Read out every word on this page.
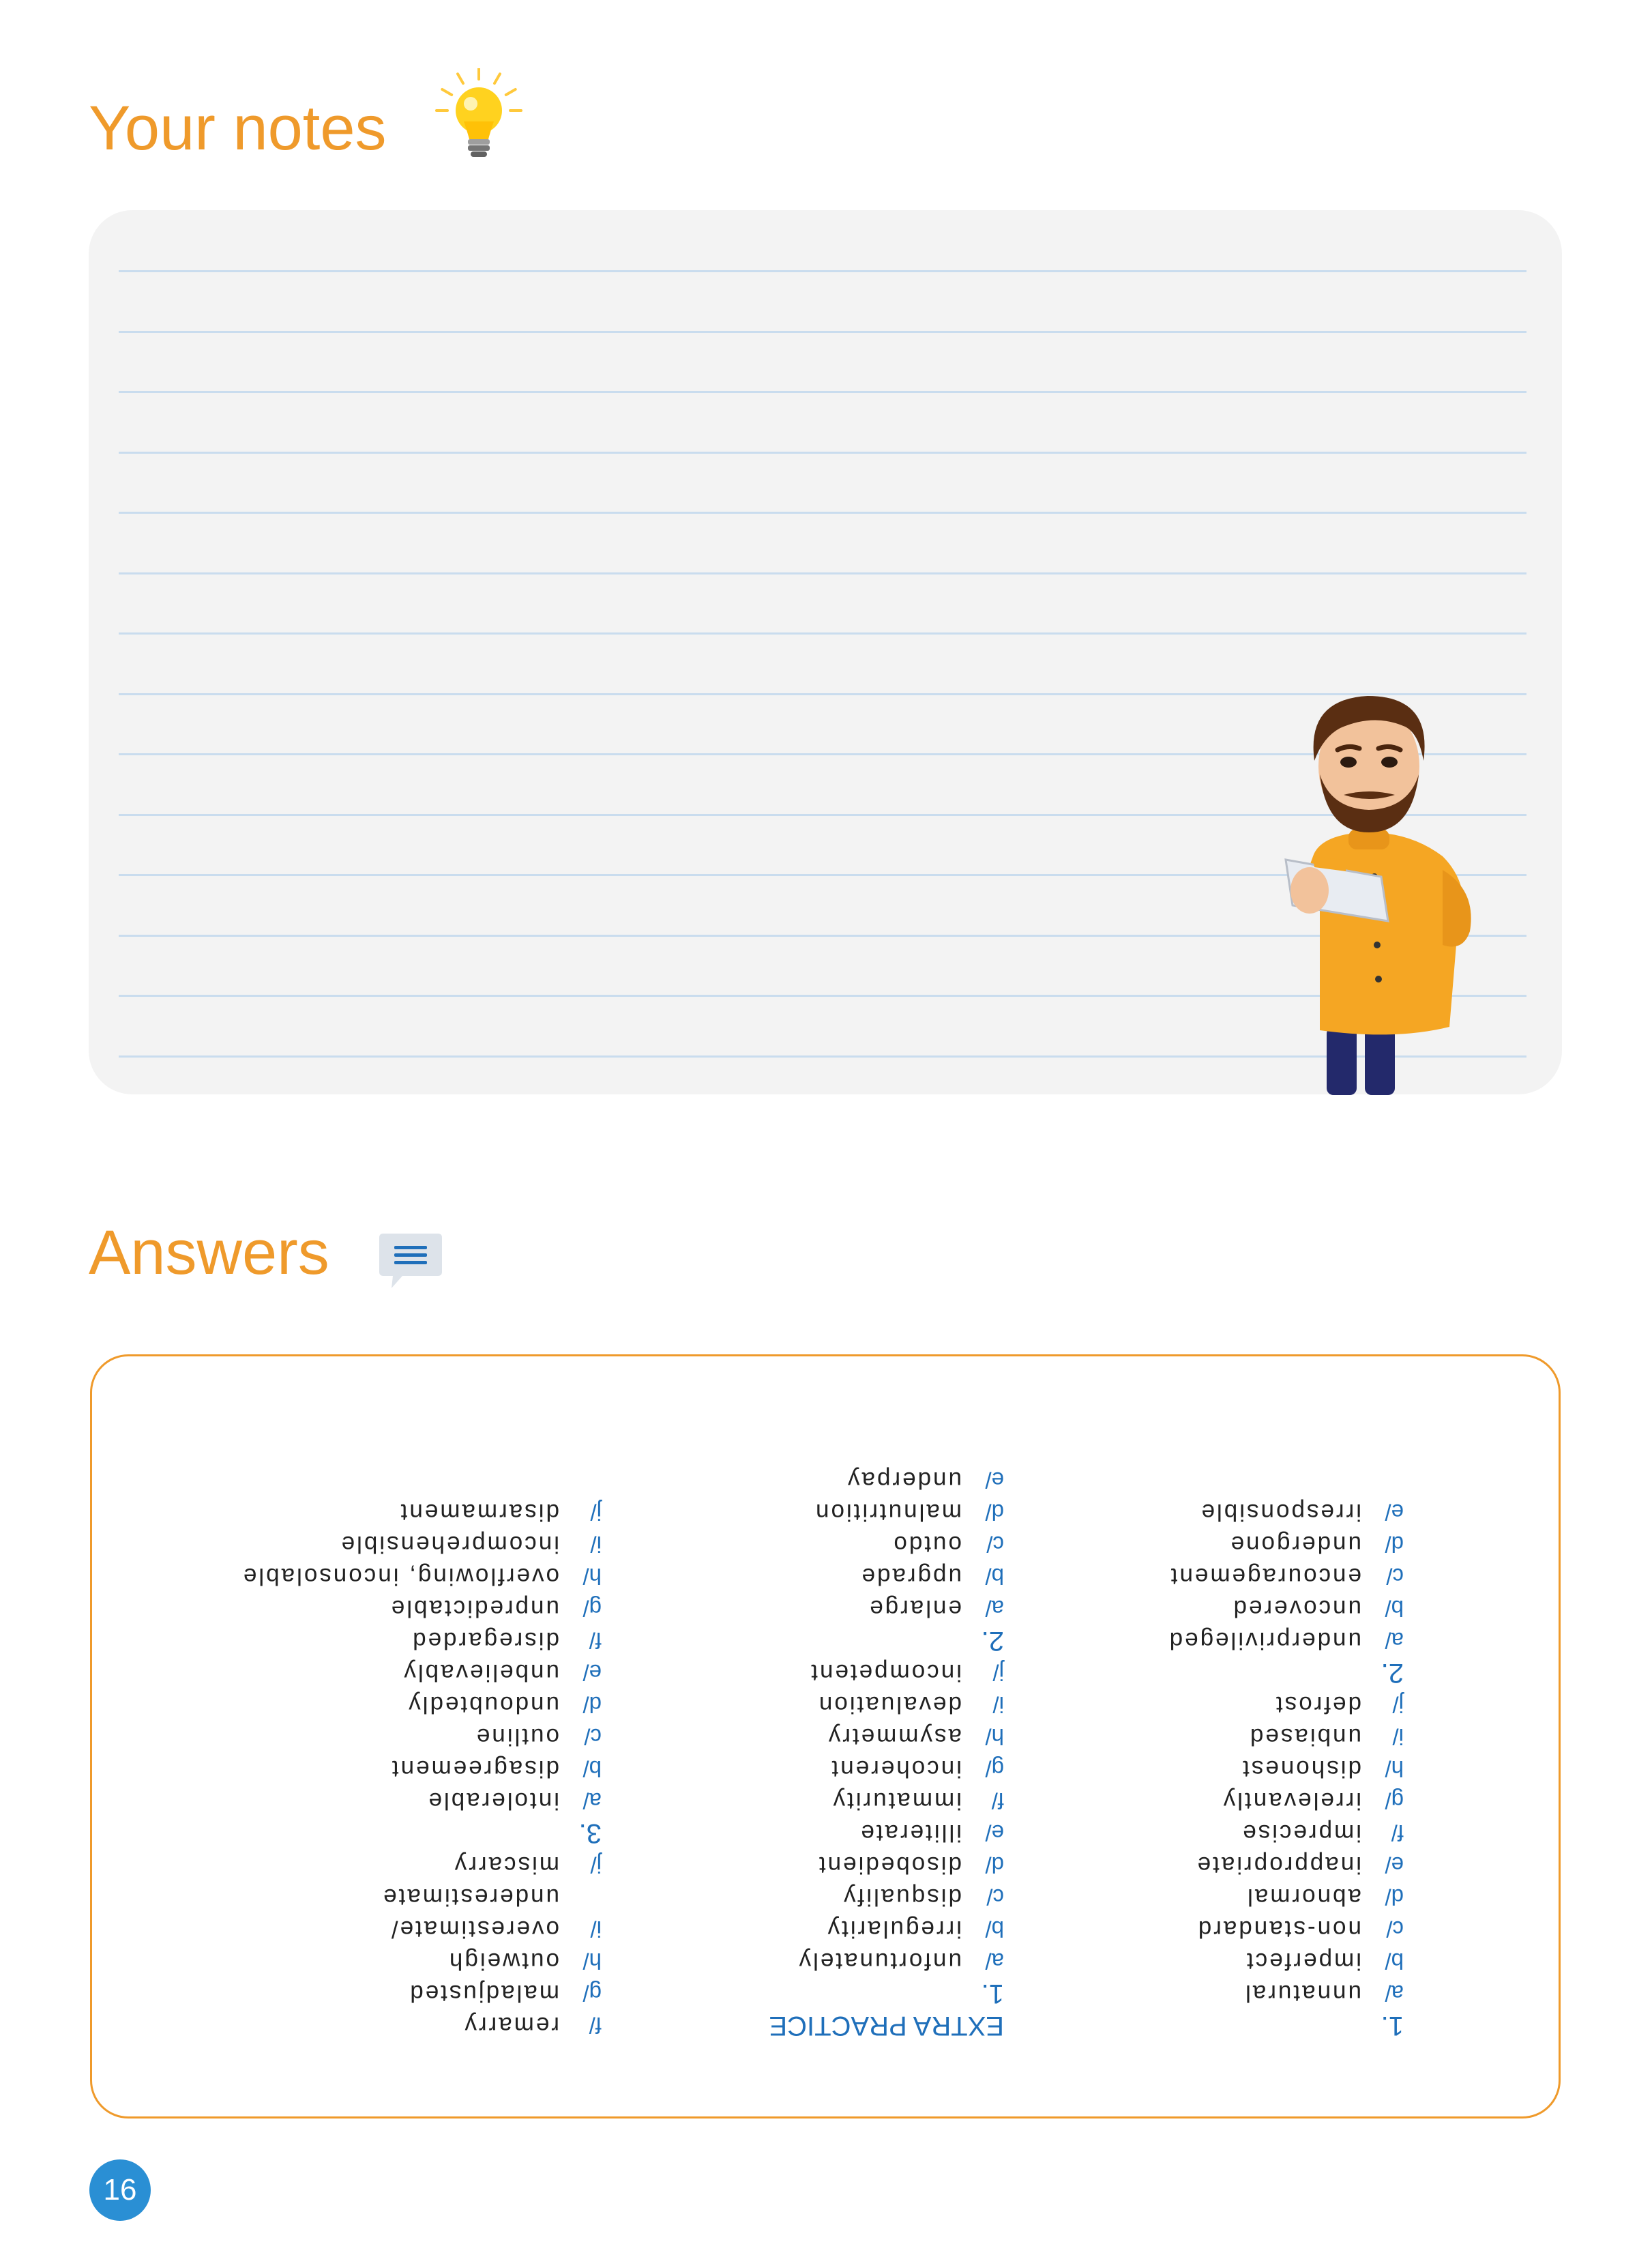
Your notes
Answers
1.
a/unnatural
b/imperfect
c/non-standard
d/abnormal
e/inappropriate
f/imprecise
g/irrelevantly
h/dishonest
i/unbiased
j/defrost
2.
a/underprivileged
b/uncovered
c/encouragement
d/undergone
e/irresponsible
EXTRA PRACTICE
1.
a/unfortunately
b/irregularity
c/disqualify
d/disobedient
e/illiterate
f/immaturity
g/incoherent
h/asymmetry
i/devaluation
j/incompetent
2.
a/enlarge
b/upgrade
c/outdo
d/malnutrition
e/underpay
f/remarry
g/maladjusted
h/outweigh
i/overestimate/
underestimate
j/miscarry
3.
a/intolerable
b/disagreement
c/outline
d/undoubtedly
e/unbelievably
f/disregarded
g/unpredictable
h/overflowing, inconsolable
i/incomprehensible
j/disarmament
16
